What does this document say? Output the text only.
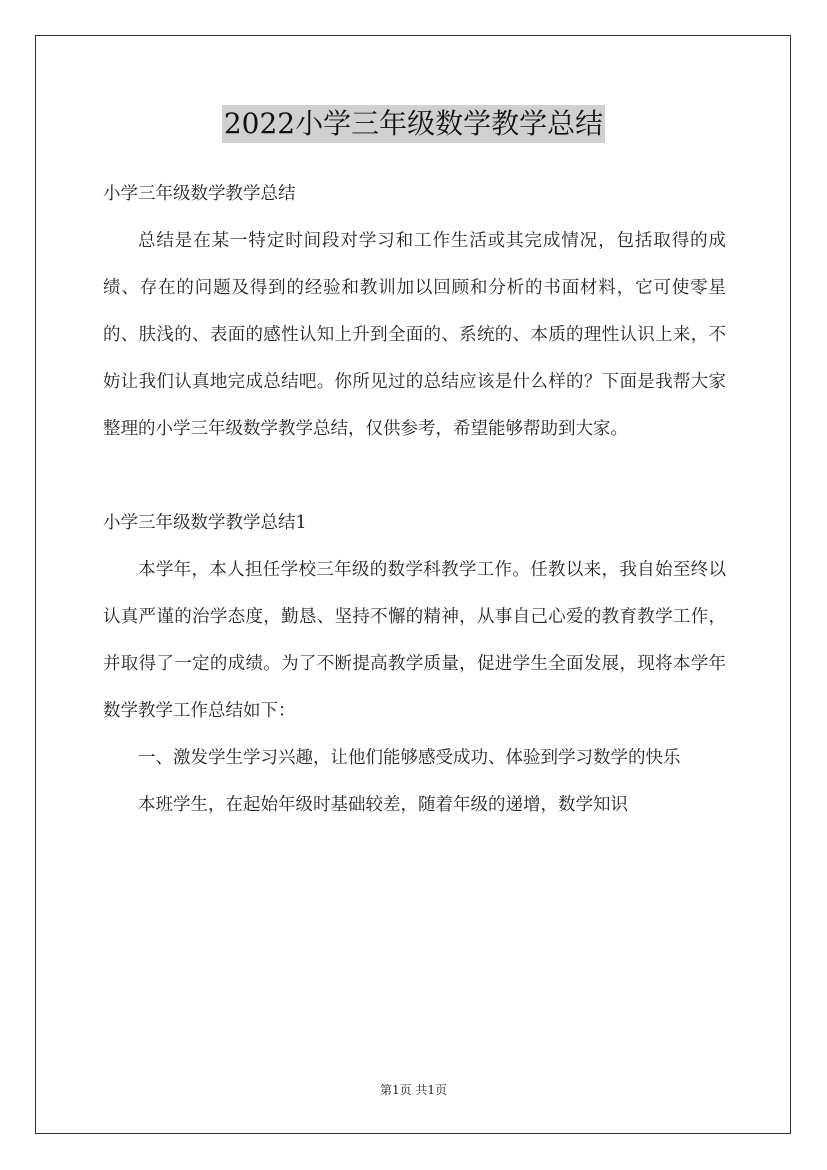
2022小学三年级数学教学总结

小学三年级数学教学总结

总结是在某一特定时间段对学习和工作生活或其完成情况，包括取得的成绩、存在的问题及得到的经验和教训加以回顾和分析的书面材料，它可使零星的、肤浅的、表面的感性认知上升到全面的、系统的、本质的理性认识上来，不妨让我们认真地完成总结吧。你所见过的总结应该是什么样的？下面是我帮大家整理的小学三年级数学教学总结，仅供参考，希望能够帮助到大家。

小学三年级数学教学总结1

本学年，本人担任学校三年级的数学科教学工作。任教以来，我自始至终以认真严谨的治学态度，勤恳、坚持不懈的精神，从事自己心爱的教育教学工作，并取得了一定的成绩。为了不断提高教学质量，促进学生全面发展，现将本学年数学教学工作总结如下：

一、激发学生学习兴趣，让他们能够感受成功、体验到学习数学的快乐

本班学生，在起始年级时基础较差，随着年级的递增，数学知识

第1页 共1页
